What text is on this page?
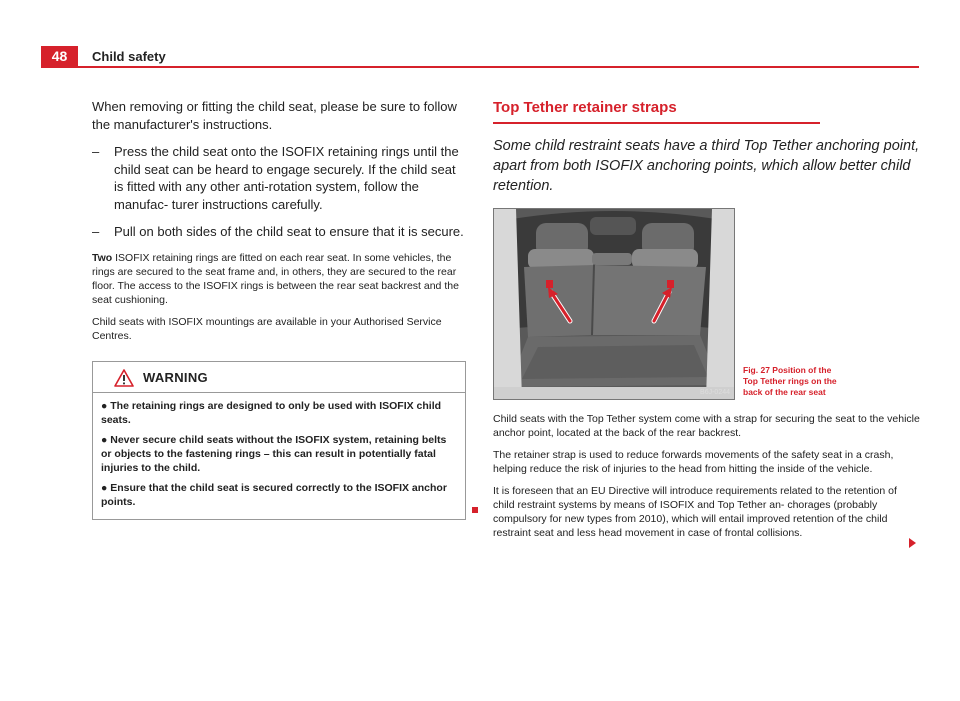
48	Child safety

When removing or fitting the child seat, please be sure to follow the manufacturer's instructions.

– Press the child seat onto the ISOFIX retaining rings until the child seat can be heard to engage securely. If the child seat is fitted with any other anti-rotation system, follow the manufac- turer instructions carefully.
– Pull on both sides of the child seat to ensure that it is secure.

Two ISOFIX retaining rings are fitted on each rear seat. In some vehicles, the rings are secured to the seat frame and, in others, they are secured to the rear floor. The access to the ISOFIX rings is between the rear seat backrest and the seat cushioning.

Child seats with ISOFIX mountings are available in your Authorised Service Centres.

WARNING

● The retaining rings are designed to only be used with ISOFIX child seats.

● Never secure child seats without the ISOFIX system, retaining belts or objects to the fastening rings – this can result in potentially fatal injuries to the child.

● Ensure that the child seat is secured correctly to the ISOFIX anchor points.

Top Tether retainer straps

Some child restraint seats have a third Top Tether anchoring point, apart from both ISOFIX anchoring points, which allow better child retention.

B6J-0244
Fig. 27 Position of the Top Tether rings on the back of the rear seat

Child seats with the Top Tether system come with a strap for securing the seat to the vehicle anchor point, located at the back of the rear backrest.

The retainer strap is used to reduce forwards movements of the safety seat in a crash, helping reduce the risk of injuries to the head from hitting the inside of the vehicle.

It is foreseen that an EU Directive will introduce requirements related to the retention of child restraint systems by means of ISOFIX and Top Tether an- chorages (probably compulsory for new types from 2010), which will entail improved retention of the child restraint seat and less head movement in case of frontal collisions.
